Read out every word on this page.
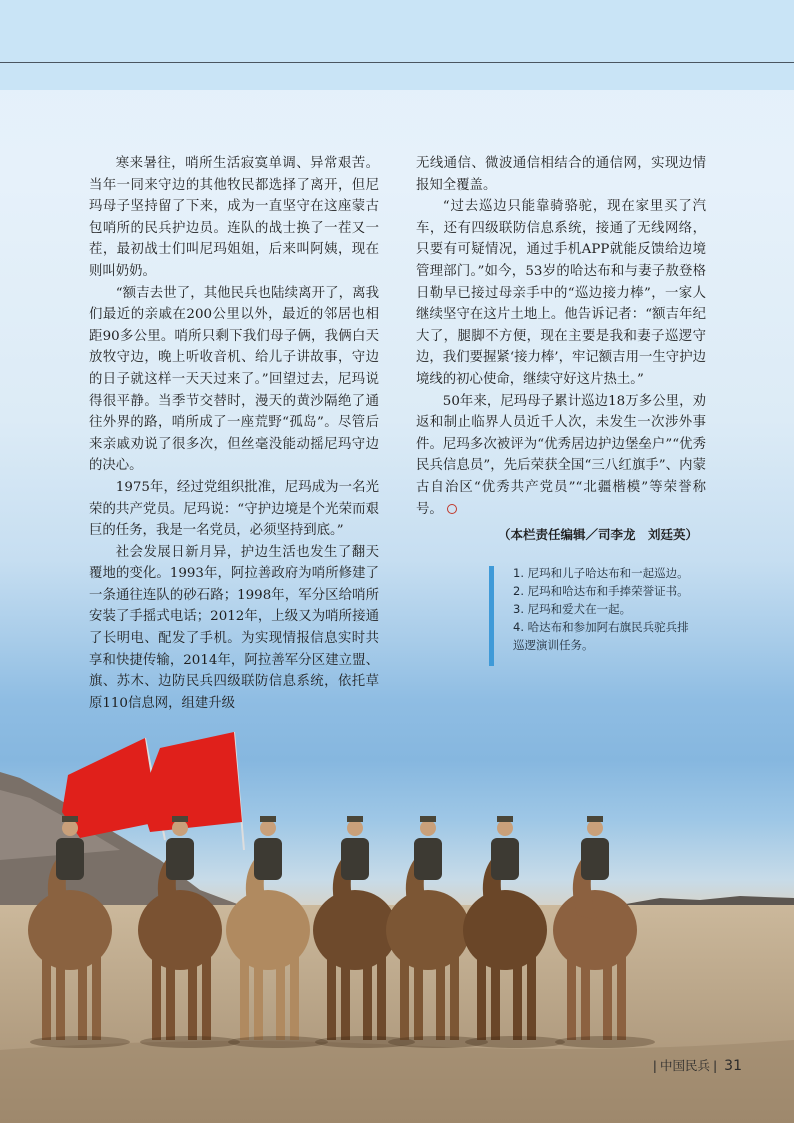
寒来暑往，哨所生活寂寞单调、异常艰苦。当年一同来守边的其他牧民都选择了离开，但尼玛母子坚持留了下来，成为一直坚守在这座蒙古包哨所的民兵护边员。连队的战士换了一茬又一茬，最初战士们叫尼玛姐姐，后来叫阿姨，现在则叫奶奶。

“额吉去世了，其他民兵也陆续离开了，离我们最近的亲戚在200公里以外，最近的邻居也相距90多公里。哨所只剩下我们母子俩，我俩白天放牧守边，晚上听收音机、给儿子讲故事，守边的日子就这样一天天过来了。”回望过去，尼玛说得很平静。当季节交替时，漫天的黄沙隔绝了通往外界的路，哨所成了一座荒野“孤岛”。尽管后来亲戚劝说了很多次，但丝毫没能动摇尼玛守边的决心。

1975年，经过党组织批准，尼玛成为一名光荣的共产党员。尼玛说：“守护边境是个光荣而艰巨的任务，我是一名党员，必须坚持到底。”

社会发展日新月异，护边生活也发生了翻天覆地的变化。1993年，阿拉善政府为哨所修建了一条通往连队的砂石路；1998年，军分区给哨所安装了手摇式电话；2012年，上级又为哨所接通了长明电、配发了手机。为实现情报信息实时共享和快捷传输，2014年，阿拉善军分区建立盟、旗、苏木、边防民兵四级联防信息系统，依托草原110信息网，组建升级

无线通信、微波通信相结合的通信网，实现边情报知全覆盖。

“过去巡边只能靠骑骆驼，现在家里买了汽车，还有四级联防信息系统，接通了无线网络，只要有可疑情况，通过手机APP就能反馈给边境管理部门。”如今，53岁的哈达布和与妻子敖登格日勒早已接过母亲手中的“巡边接力棒”，一家人继续坚守在这片土地上。他告诉记者：“额吉年纪大了，腿脚不方便，现在主要是我和妻子巡逻守边，我们要握紧‘接力棒’，牢记额吉用一生守护边境线的初心使命，继续守好这片热土。”

50年来，尼玛母子累计巡边18万多公里，劝返和制止临界人员近千人次，未发生一次涉外事件。尼玛多次被评为“优秀居边护边堡垒户”“优秀民兵信息员”，先后荣获全国“三八红旗手”、内蒙古自治区“优秀共产党员”“北疆楷模”等荣誉称号。

（本栏责任编辑／司李龙　刘廷英）
1. 尼玛和儿子哈达布和一起巡边。
2. 尼玛和哈达布和手捧荣誉证书。
3. 尼玛和爱犬在一起。
4. 哈达布和参加阿右旗民兵驼兵排
巡逻演训任务。
| 中国民兵 | 31
